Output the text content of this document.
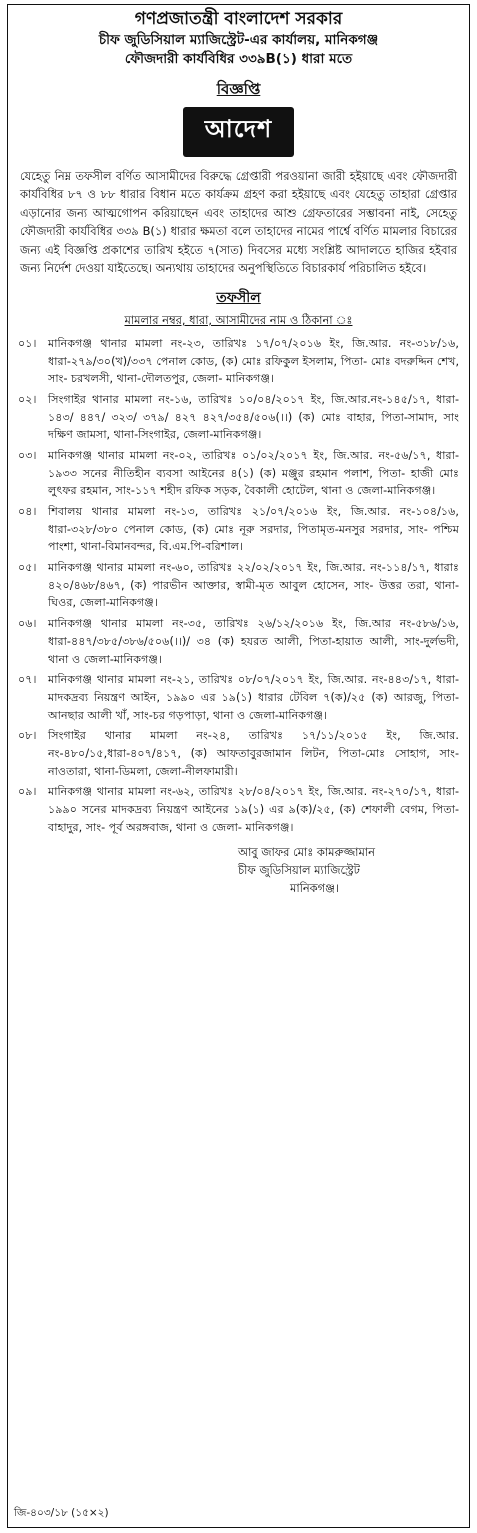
গণপ্রজাতন্ত্রী বাংলাদেশ সরকার
চীফ জুডিসিয়াল ম্যাজিস্ট্রেট-এর কার্যালয়, মানিকগঞ্জ
ফৌজদারী কার্যবিধির ৩৩৯B(১) ধারা মতে
বিজ্ঞপ্তি
আদেশ
যেহেতু নিম্ন তফসীল বর্ণিত আসামীদের বিরুদ্ধে গ্রেপ্তারী পরওয়ানা জারী হইয়াছে এবং ফৌজদারী কার্যবিধির ৮৭ ও ৮৮ ধারার বিধান মতে কার্যক্রম গ্রহণ করা হইয়াছে এবং যেহেতু তাহারা গ্রেপ্তার এড়ানোর জন্য আত্মগোপন করিয়াছেন এবং তাহাদের আশু গ্রেফতারের সম্ভাবনা নাই, সেহেতু ফৌজদারী কার্যবিধির ৩৩৯ B(১) ধারার ক্ষমতা বলে তাহাদের নামের পার্শ্বে বর্ণিত মামলার বিচারের জন্য এই বিজ্ঞপ্তি প্রকাশের তারিখ হইতে ৭(সাত) দিবসের মধ্যে সংশ্লিষ্ট আদালতে হাজির হইবার জন্য নির্দেশ দেওয়া যাইতেছে। অন্যথায় তাহাদের অনুপস্থিতিতে বিচারকার্য পরিচালিত হইবে।
তফসীল
মামলার নম্বর, ধারা, আসামীদের নাম ও ঠিকানা ঃ
০১।	মানিকগঞ্জ থানার মামলা নং-২৩, তারিখঃ ১৭/০৭/২০১৬ ইং, জি.আর. নং-৩১৮/১৬, ধারা-২৭৯/৩০(খ)/৩৩৭ পেনাল কোড, (ক) মোঃ রফিকুল ইসলাম, পিতা- মোঃ বদরুদ্দিন শেখ, সাং- চরখলসী, থানা-দৌলতপুর, জেলা- মানিকগঞ্জ।
০২।	সিংগাইর থানার মামলা নং-১৬, তারিখঃ ১০/০৪/২০১৭ ইং, জি.আর.নং-১৪৫/১৭, ধারা- ১৪৩/ ৪৪৭/ ৩২৩/ ৩৭৯/ ৪২৭ ৪২৭/৩৫৪/৫০৬(।।) (ক) মোঃ বাহার, পিতা-সামাদ, সাং দক্ষিণ জামসা, থানা-সিংগাইর, জেলা-মানিকগঞ্জ।
০৩।	মানিকগঞ্জ থানার মামলা নং-০২, তারিখঃ ০১/০২/২০১৭ ইং, জি.আর. নং-৫৬/১৭, ধারা- ১৯৩৩ সনের নীতিহীন ব্যবসা আইনের ৪(১) (ক) মঞ্জুর রহমান পলাশ, পিতা- হাজী মোঃ লুৎফর রহমান, সাং-১১৭ শহীদ রফিক সড়ক, বৈকালী হোটেল, থানা ও জেলা-মানিকগঞ্জ।
০৪।	শিবালয় থানার মামলা নং-১৩, তারিখঃ ২১/০৭/২০১৬ ইং, জি.আর. নং-১০৪/১৬, ধারা-৩২৮/৩৮০ পেনাল কোড, (ক) মোঃ নূরু সরদার, পিতামৃত-মনসুর সরদার, সাং- পশ্চিম পাংশা, থানা-বিমানবন্দর, বি.এম.পি-বরিশাল।
০৫।	মানিকগঞ্জ থানার মামলা নং-৬০, তারিখঃ ২২/০২/২০১৭ ইং, জি.আর. নং-১১৪/১৭, ধারাঃ ৪২০/৪৬৮/৪৬৭, (ক) পারভীন আক্তার, স্বামী-মৃত আবুল হোসেন, সাং- উত্তর তরা, থানা-ঘিওর, জেলা-মানিকগঞ্জ।
০৬।	মানিকগঞ্জ থানার মামলা নং-৩৫, তারিখঃ ২৬/১২/২০১৬ ইং, জি.আর নং-৫৮৬/১৬, ধারা-৪৪৭/৩৮৫/৩৮৬/৫০৬(।।)/ ৩৪ (ক) হযরত আলী, পিতা-হায়াত আলী, সাং-দুর্লভদী, থানা ও জেলা-মানিকগঞ্জ।
০৭।	মানিকগঞ্জ থানার মামলা নং-২১, তারিখঃ ০৮/০৭/২০১৭ ইং, জি.আর. নং-৪৪৩/১৭, ধারা-মাদকদ্রব্য নিয়ন্ত্রণ আইন, ১৯৯০ এর ১৯(১) ধারার টেবিল ৭(ক)/২৫ (ক) আরজু, পিতা-আনছার আলী খাঁ, সাং-চর গড়পাড়া, থানা ও জেলা-মানিকগঞ্জ।
০৮।	সিংগাইর থানার মামলা নং-২৪, তারিখঃ ১৭/১১/২০১৫ ইং, জি.আর. নং-৪৮০/১৫,ধারা-৪০৭/৪১৭, (ক) আফতাবুরজামান লিটন, পিতা-মোঃ সোহাগ, সাং- নাওতারা, থানা-ডিমলা, জেলা-নীলফামারী।
০৯।	মানিকগঞ্জ থানার মামলা নং-৬২, তারিখঃ ২৮/০৪/২০১৭ ইং, জি.আর. নং-২৭০/১৭, ধারা- ১৯৯০ সনের মাদকদ্রব্য নিয়ন্ত্রণ আইনের ১৯(১) এর ৯(ক)/২৫, (ক) শেফালী বেগম, পিতা-বাহাদুর, সাং- পূর্ব অরঙ্গবাজ, থানা ও জেলা- মানিকগঞ্জ।
আবু জাফর মোঃ কামরুজ্জামান
চীফ জুডিসিয়াল ম্যাজিস্ট্রেট
মানিকগঞ্জ।
জি-৪০৩/১৮ (১৫×২)
